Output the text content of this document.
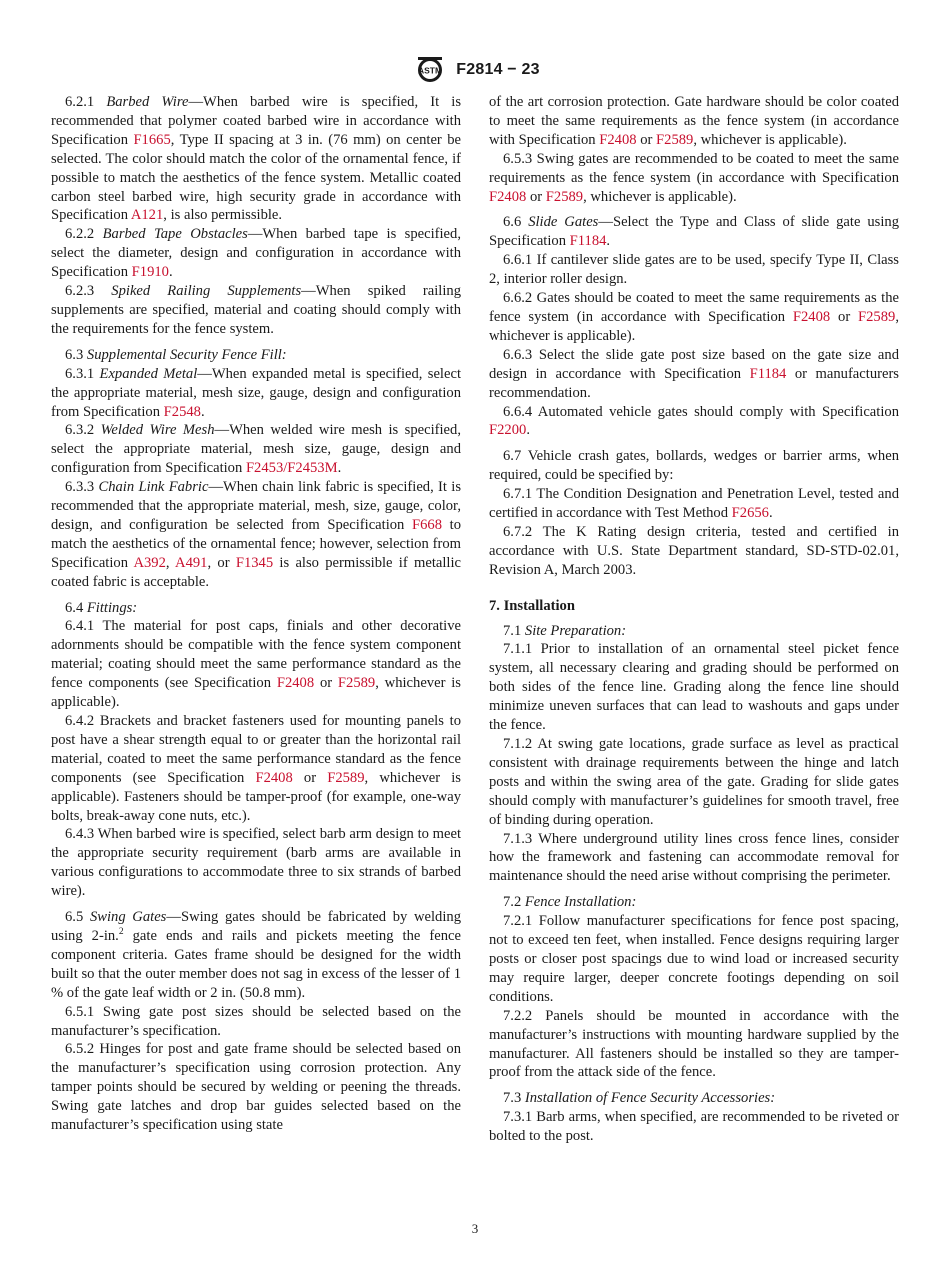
ASTM F2814 − 23

6.2.1 Barbed Wire—When barbed wire is specified, It is recommended that polymer coated barbed wire in accordance with Specification F1665, Type II spacing at 3 in. (76 mm) on center be selected. The color should match the color of the ornamental fence, if possible to match the aesthetics of the fence system. Metallic coated carbon steel barbed wire, high security grade in accordance with Specification A121, is also permissible.

6.2.2 Barbed Tape Obstacles—When barbed tape is specified, select the diameter, design and configuration in accordance with Specification F1910.

6.2.3 Spiked Railing Supplements—When spiked railing supplements are specified, material and coating should comply with the requirements for the fence system.

6.3 Supplemental Security Fence Fill:

6.3.1 Expanded Metal—When expanded metal is specified, select the appropriate material, mesh size, gauge, design and configuration from Specification F2548.

6.3.2 Welded Wire Mesh—When welded wire mesh is specified, select the appropriate material, mesh size, gauge, design and configuration from Specification F2453/F2453M.

6.3.3 Chain Link Fabric—When chain link fabric is specified, It is recommended that the appropriate material, mesh, size, gauge, color, design, and configuration be selected from Specification F668 to match the aesthetics of the ornamental fence; however, selection from Specification A392, A491, or F1345 is also permissible if metallic coated fabric is acceptable.

6.4 Fittings:

6.4.1 The material for post caps, finials and other decorative adornments should be compatible with the fence system component material; coating should meet the same performance standard as the fence components (see Specification F2408 or F2589, whichever is applicable).

6.4.2 Brackets and bracket fasteners used for mounting panels to post have a shear strength equal to or greater than the horizontal rail material, coated to meet the same performance standard as the fence components (see Specification F2408 or F2589, whichever is applicable). Fasteners should be tamper-proof (for example, one-way bolts, break-away cone nuts, etc.).

6.4.3 When barbed wire is specified, select barb arm design to meet the appropriate security requirement (barb arms are available in various configurations to accommodate three to six strands of barbed wire).

6.5 Swing Gates—Swing gates should be fabricated by welding using 2-in.$^2$ gate ends and rails and pickets meeting the fence component criteria. Gates frame should be designed for the width built so that the outer member does not sag in excess of the lesser of 1 % of the gate leaf width or 2 in. (50.8 mm).

6.5.1 Swing gate post sizes should be selected based on the manufacturer’s specification.

6.5.2 Hinges for post and gate frame should be selected based on the manufacturer’s specification using corrosion protection. Any tamper points should be secured by welding or peening the threads. Swing gate latches and drop bar guides selected based on the manufacturer’s specification using state

of the art corrosion protection. Gate hardware should be color coated to meet the same requirements as the fence system (in accordance with Specification F2408 or F2589, whichever is applicable).

6.5.3 Swing gates are recommended to be coated to meet the same requirements as the fence system (in accordance with Specification F2408 or F2589, whichever is applicable).

6.6 Slide Gates—Select the Type and Class of slide gate using Specification F1184.

6.6.1 If cantilever slide gates are to be used, specify Type II, Class 2, interior roller design.

6.6.2 Gates should be coated to meet the same requirements as the fence system (in accordance with Specification F2408 or F2589, whichever is applicable).

6.6.3 Select the slide gate post size based on the gate size and design in accordance with Specification F1184 or manufacturers recommendation.

6.6.4 Automated vehicle gates should comply with Specification F2200.

6.7 Vehicle crash gates, bollards, wedges or barrier arms, when required, could be specified by:

6.7.1 The Condition Designation and Penetration Level, tested and certified in accordance with Test Method F2656.

6.7.2 The K Rating design criteria, tested and certified in accordance with U.S. State Department standard, SD-STD-02.01, Revision A, March 2003.

7. Installation

7.1 Site Preparation:

7.1.1 Prior to installation of an ornamental steel picket fence system, all necessary clearing and grading should be performed on both sides of the fence line. Grading along the fence line should minimize uneven surfaces that can lead to washouts and gaps under the fence.

7.1.2 At swing gate locations, grade surface as level as practical consistent with drainage requirements between the hinge and latch posts and within the swing area of the gate. Grading for slide gates should comply with manufacturer’s guidelines for smooth travel, free of binding during operation.

7.1.3 Where underground utility lines cross fence lines, consider how the framework and fastening can accommodate removal for maintenance should the need arise without comprising the perimeter.

7.2 Fence Installation:

7.2.1 Follow manufacturer specifications for fence post spacing, not to exceed ten feet, when installed. Fence designs requiring larger posts or closer post spacings due to wind load or increased security may require larger, deeper concrete footings depending on soil conditions.

7.2.2 Panels should be mounted in accordance with the manufacturer’s instructions with mounting hardware supplied by the manufacturer. All fasteners should be installed so they are tamper-proof from the attack side of the fence.

7.3 Installation of Fence Security Accessories:

7.3.1 Barb arms, when specified, are recommended to be riveted or bolted to the post.

3
